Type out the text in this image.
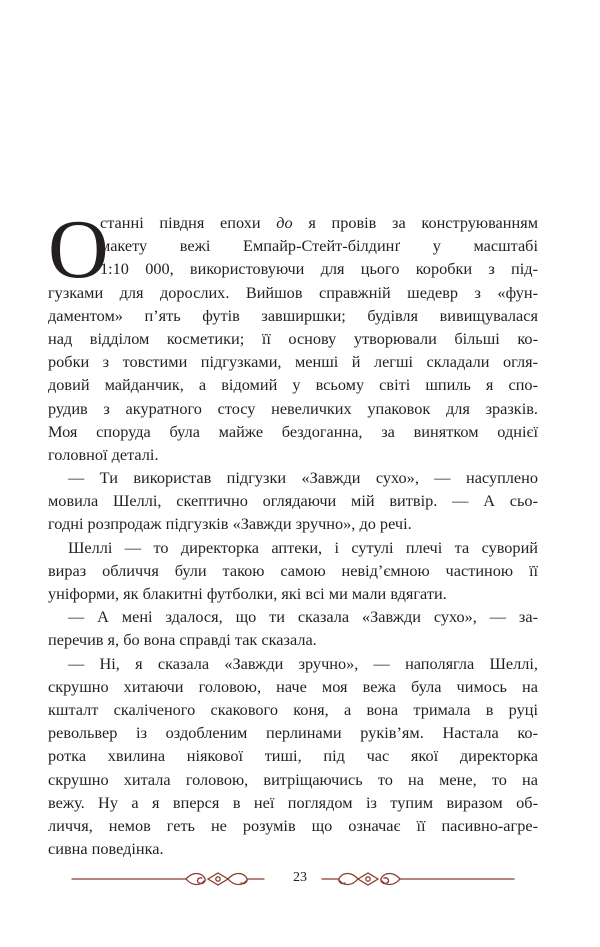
О
станні півдня епохи до я провів за конструюванням
макету вежі Емпайр-Стейт-білдинґ у масштабі
1:10 000, використовуючи для цього коробки з під-
гузками для дорослих. Вийшов справжній шедевр з «фун-
даментом» п’ять футів завширшки; будівля вивищувалася
над відділом косметики; її основу утворювали більші ко-
робки з товстими підгузками, менші й легші складали огля-
довий майданчик, а відомий у всьому світі шпиль я спо-
рудив з акуратного стосу невеличких упаковок для зразків.
Моя спорудa була майже бездоганна, за винятком однієї
головної деталі.
— Ти використав підгузки «Завжди сухо», — насуплено
мовила Шеллі, скептично оглядаючи мій витвір. — А сьо-
годні розпродаж підгузків «Завжди зручно», до речі.
Шеллі — то директорка аптеки, і сутулі плечі та суворий
вираз обличчя були такою самою невід’ємною частиною її
уніформи, як блакитні футболки, які всі ми мали вдягати.
— А мені здалося, що ти сказала «Завжди сухо», — за-
перечив я, бо вона справді так сказала.
— Ні, я сказала «Завжди зручно», — наполягла Шеллі,
скрушно хитаючи головою, наче моя вежа була чимось на
кшталт скаліченого скакового коня, а вона тримала в руці
револьвер із оздобленим перлинами руків’ям. Настала ко-
ротка хвилина ніякової тиші, під час якої директорка
скрушно хитала головою, витріщаючись то на мене, то на
вежу. Ну а я вперся в неї поглядом із тупим виразом об-
личчя, немов геть не розумів що означає її пасивно-агре-
сивна поведінка.
23
